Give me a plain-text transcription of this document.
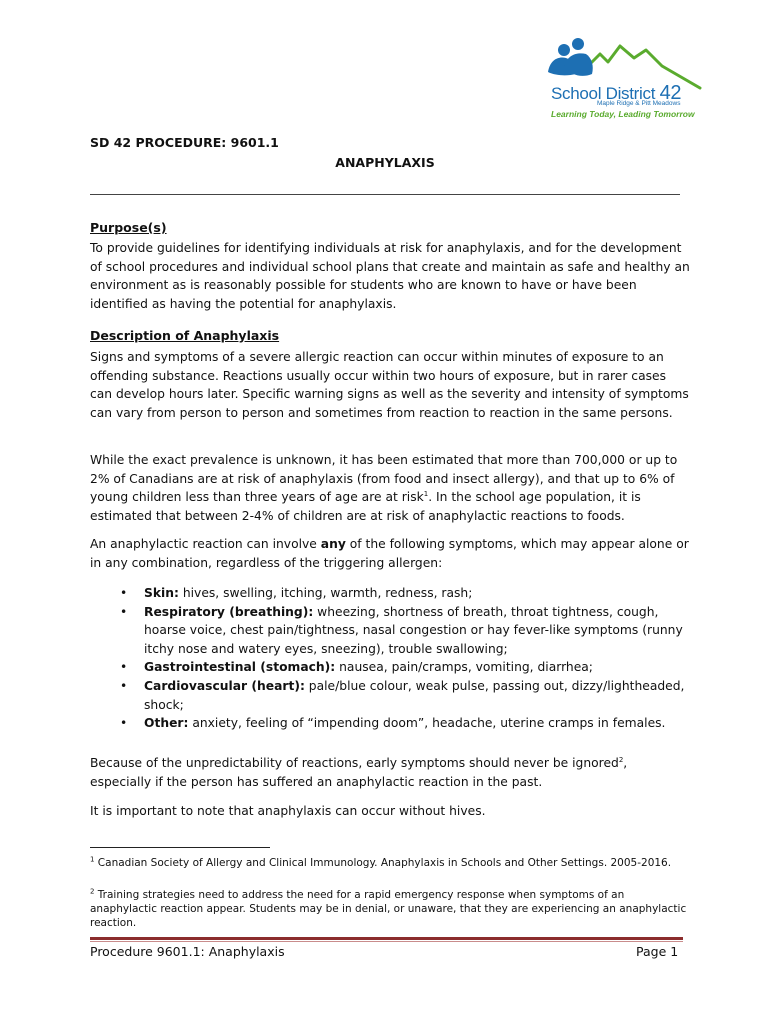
School District 42
Maple Ridge & Pitt Meadows
Learning Today, Leading Tomorrow
SD 42 PROCEDURE: 9601.1
ANAPHYLAXIS
Purpose(s)

To provide guidelines for identifying individuals at risk for anaphylaxis, and for the development of school procedures and individual school plans that create and maintain as safe and healthy an environment as is reasonably possible for students who are known to have or have been identified as having the potential for anaphylaxis.

Description of Anaphylaxis

Signs and symptoms of a severe allergic reaction can occur within minutes of exposure to an offending substance. Reactions usually occur within two hours of exposure, but in rarer cases can develop hours later. Specific warning signs as well as the severity and intensity of symptoms can vary from person to person and sometimes from reaction to reaction in the same persons.

While the exact prevalence is unknown, it has been estimated that more than 700,000 or up to 2% of Canadians are at risk of anaphylaxis (from food and insect allergy), and that up to 6% of young children less than three years of age are at risk$^1$. In the school age population, it is estimated that between 2-4% of children are at risk of anaphylactic reactions to foods.

An anaphylactic reaction can involve any of the following symptoms, which may appear alone or in any combination, regardless of the triggering allergen:

• Skin: hives, swelling, itching, warmth, redness, rash;
• Respiratory (breathing): wheezing, shortness of breath, throat tightness, cough, hoarse voice, chest pain/tightness, nasal congestion or hay fever-like symptoms (runny itchy nose and watery eyes, sneezing), trouble swallowing;
• Gastrointestinal (stomach): nausea, pain/cramps, vomiting, diarrhea;
• Cardiovascular (heart): pale/blue colour, weak pulse, passing out, dizzy/lightheaded, shock;
• Other: anxiety, feeling of “impending doom”, headache, uterine cramps in females.

Because of the unpredictability of reactions, early symptoms should never be ignored$^2$, especially if the person has suffered an anaphylactic reaction in the past.

It is important to note that anaphylaxis can occur without hives.

$^1$ Canadian Society of Allergy and Clinical Immunology. Anaphylaxis in Schools and Other Settings. 2005-2016.

$^2$ Training strategies need to address the need for a rapid emergency response when symptoms of an anaphylactic reaction appear. Students may be in denial, or unaware, that they are experiencing an anaphylactic reaction.

Procedure 9601.1: Anaphylaxis	Page 1
